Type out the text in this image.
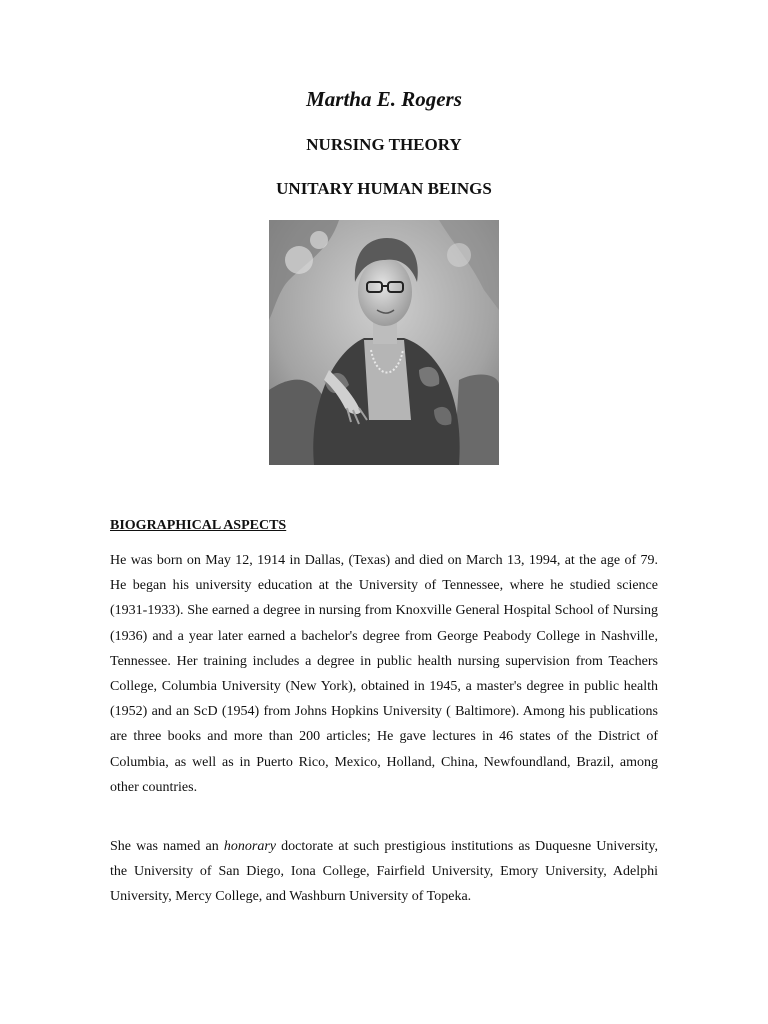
Martha E. Rogers
NURSING THEORY
UNITARY HUMAN BEINGS
BIOGRAPHICAL ASPECTS

He was born on May 12, 1914 in Dallas, (Texas) and died on March 13, 1994, at the age of 79. He began his university education at the University of Tennessee, where he studied science (1931-1933). She earned a degree in nursing from Knoxville General Hospital School of Nursing (1936) and a year later earned a bachelor's degree from George Peabody College in Nashville, Tennessee. Her training includes a degree in public health nursing supervision from Teachers College, Columbia University (New York), obtained in 1945, a master's degree in public health (1952) and an ScD (1954) from Johns Hopkins University ( Baltimore). Among his publications are three books and more than 200 articles; He gave lectures in 46 states of the District of Columbia, as well as in Puerto Rico, Mexico, Holland, China, Newfoundland, Brazil, among other countries.

She was named an honorary doctorate at such prestigious institutions as Duquesne University, the University of San Diego, Iona College, Fairfield University, Emory University, Adelphi University, Mercy College, and Washburn University of Topeka.
